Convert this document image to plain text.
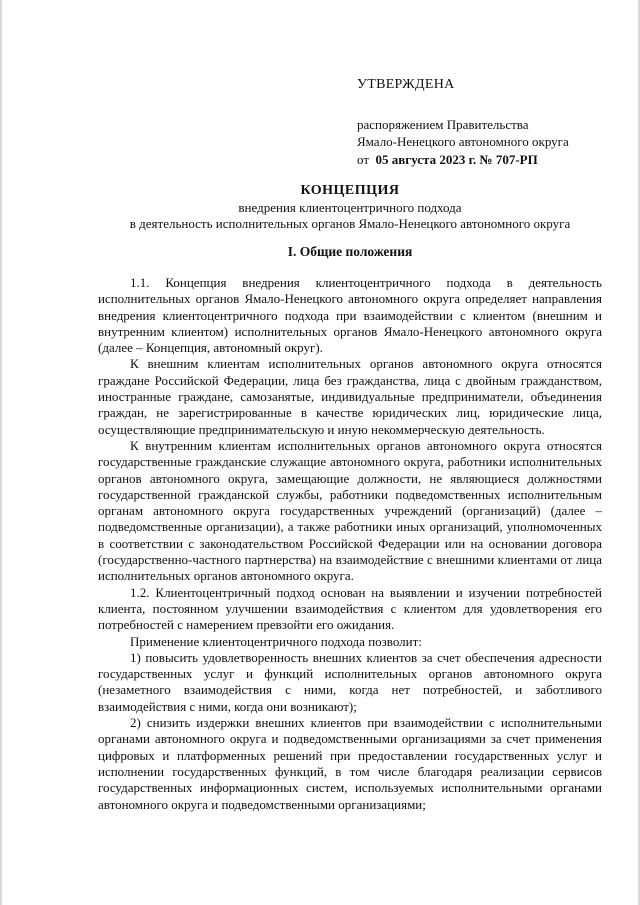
УТВЕРЖДЕНА
распоряжением Правительства
Ямало-Ненецкого автономного округа
от 05 августа 2023 г. № 707-РП
КОНЦЕПЦИЯ
внедрения клиентоцентричного подхода
в деятельность исполнительных органов Ямало-Ненецкого автономного округа
I. Общие положения

1.1. Концепция внедрения клиентоцентричного подхода в деятельность исполнительных органов Ямало-Ненецкого автономного округа определяет направления внедрения клиентоцентричного подхода при взаимодействии с клиентом (внешним и внутренним клиентом) исполнительных органов Ямало-Ненецкого автономного округа (далее – Концепция, автономный округ).

К внешним клиентам исполнительных органов автономного округа относятся граждане Российской Федерации, лица без гражданства, лица с двойным гражданством, иностранные граждане, самозанятые, индивидуальные предприниматели, объединения граждан, не зарегистрированные в качестве юридических лиц, юридические лица, осуществляющие предпринимательскую и иную некоммерческую деятельность.

К внутренним клиентам исполнительных органов автономного округа относятся государственные гражданские служащие автономного округа, работники исполнительных органов автономного округа, замещающие должности, не являющиеся должностями государственной гражданской службы, работники подведомственных исполнительным органам автономного округа государственных учреждений (организаций) (далее – подведомственные организации), а также работники иных организаций, уполномоченных в соответствии с законодательством Российской Федерации или на основании договора (государственно-частного партнерства) на взаимодействие с внешними клиентами от лица исполнительных органов автономного округа.

1.2. Клиентоцентричный подход основан на выявлении и изучении потребностей клиента, постоянном улучшении взаимодействия с клиентом для удовлетворения его потребностей с намерением превзойти его ожидания.

Применение клиентоцентричного подхода позволит:

1) повысить удовлетворенность внешних клиентов за счет обеспечения адресности государственных услуг и функций исполнительных органов автономного округа (незаметного взаимодействия с ними, когда нет потребностей, и заботливого взаимодействия с ними, когда они возникают);

2) снизить издержки внешних клиентов при взаимодействии с исполнительными органами автономного округа и подведомственными организациями за счет применения цифровых и платформенных решений при предоставлении государственных услуг и исполнении государственных функций, в том числе благодаря реализации сервисов государственных информационных систем, используемых исполнительными органами автономного округа и подведомственными организациями;
